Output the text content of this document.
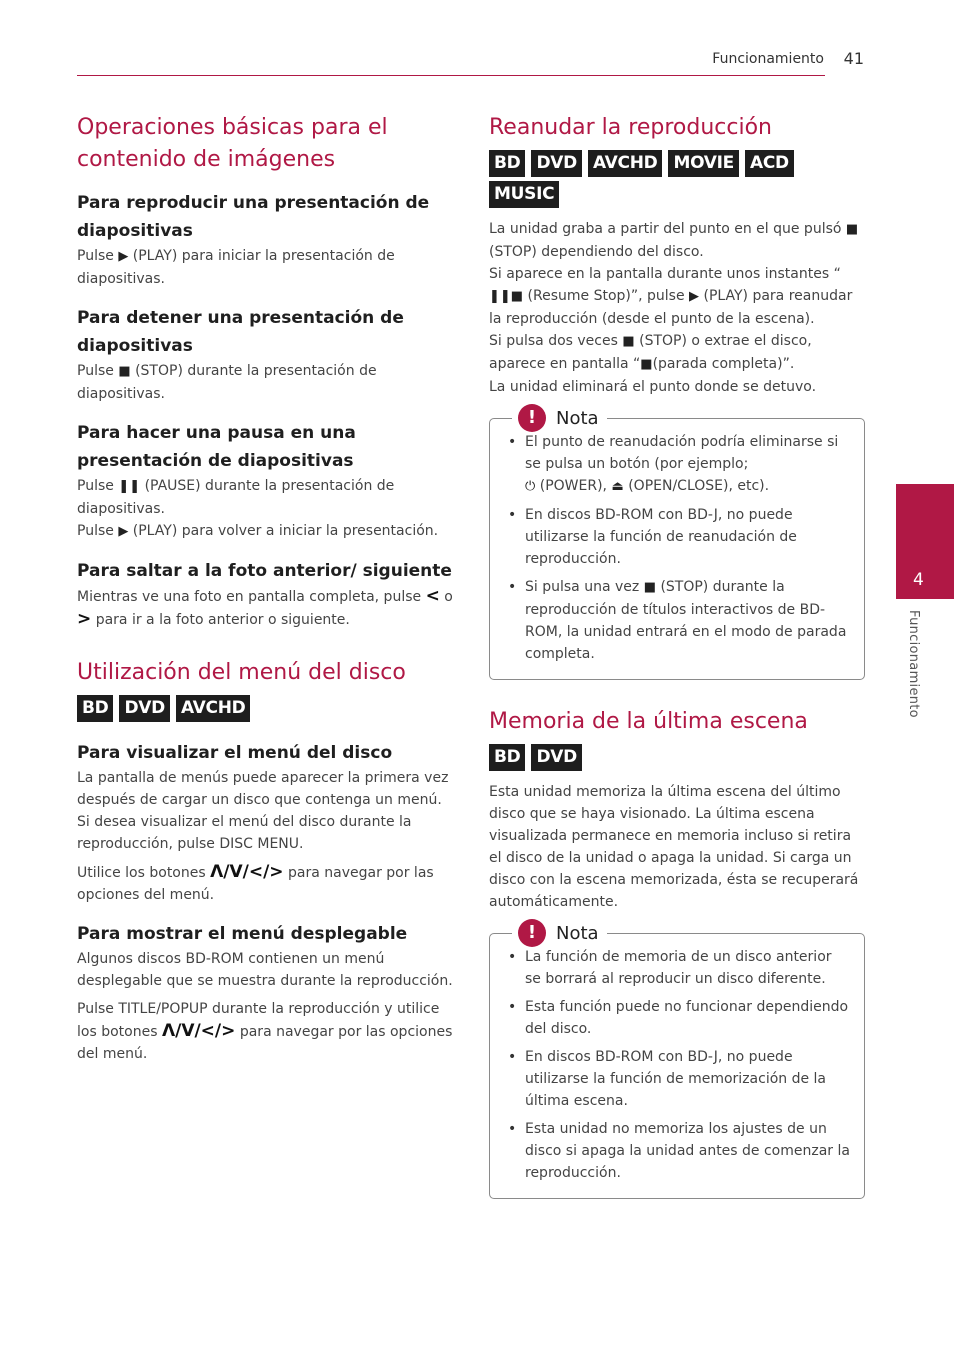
Funcionamiento 41
4
Funcionamiento
Operaciones básicas para el contenido de imágenes
Para reproducir una presentación de diapositivas

Pulse ▶ (PLAY) para iniciar la presentación de diapositivas.

Para detener una presentación de diapositivas

Pulse ■ (STOP) durante la presentación de diapositivas.

Para hacer una pausa en una presentación de diapositivas

Pulse ❚❚ (PAUSE) durante la presentación de diapositivas.
Pulse ▶ (PLAY) para volver a iniciar la presentación.

Para saltar a la foto anterior/ siguiente

Mientras ve una foto en pantalla completa, pulse < o > para ir a la foto anterior o siguiente.

Utilización del menú del disco
BD DVD AVCHD
Para visualizar el menú del disco

La pantalla de menús puede aparecer la primera vez después de cargar un disco que contenga un menú. Si desea visualizar el menú del disco durante la reproducción, pulse DISC MENU.

Utilice los botones Λ/V/</> para navegar por las opciones del menú.

Para mostrar el menú desplegable

Algunos discos BD-ROM contienen un menú desplegable que se muestra durante la reproducción.

Pulse TITLE/POPUP durante la reproducción y utilice los botones Λ/V/</> para navegar por las opciones del menú.

Reanudar la reproducción
BD DVD AVCHD MOVIE ACD
MUSIC

La unidad graba a partir del punto en el que pulsó ■ (STOP) dependiendo del disco.
Si aparece en la pantalla durante unos instantes “❚❚■ (Resume Stop)”, pulse ▶ (PLAY) para reanudar la reproducción (desde el punto de la escena).
Si pulsa dos veces ■ (STOP) o extrae el disco, aparece en pantalla “■(parada completa)”.
La unidad eliminará el punto donde se detuvo.

!	Nota
• El punto de reanudación podría eliminarse si se pulsa un botón (por ejemplo;
⏻ (POWER), ⏏ (OPEN/CLOSE), etc).
• En discos BD-ROM con BD-J, no puede utilizarse la función de reanudación de reproducción.
• Si pulsa una vez ■ (STOP) durante la reproducción de títulos interactivos de BD-ROM, la unidad entrará en el modo de parada completa.
Memoria de la última escena
BD DVD

Esta unidad memoriza la última escena del último disco que se haya visionado. La última escena visualizada permanece en memoria incluso si retira el disco de la unidad o apaga la unidad. Si carga un disco con la escena memorizada, ésta se recuperará automáticamente.

!	Nota
• La función de memoria de un disco anterior se borrará al reproducir un disco diferente.
• Esta función puede no funcionar dependiendo del disco.
• En discos BD-ROM con BD-J, no puede utilizarse la función de memorización de la última escena.
• Esta unidad no memoriza los ajustes de un disco si apaga la unidad antes de comenzar la reproducción.
